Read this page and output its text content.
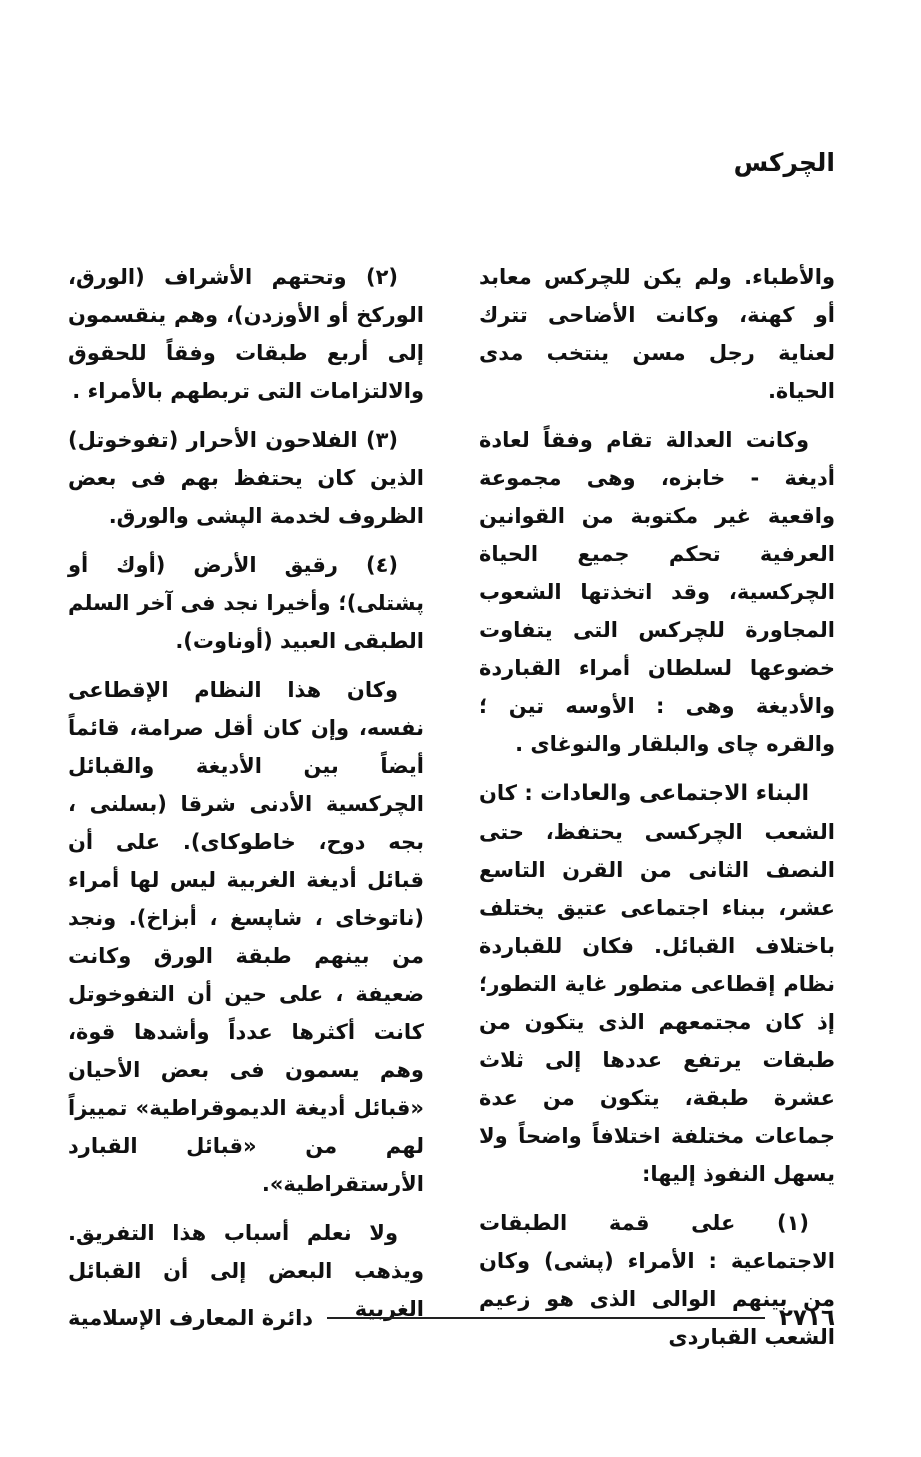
الچركس

والأطباء. ولم يكن للچركس معابد أو كهنة، وكانت الأضاحى تترك لعناية رجل مسن ينتخب مدى الحياة.

وكانت العدالة تقام وفقاً لعادة أديغة - خابزه، وهى مجموعة واقعية غير مكتوبة من القوانين العرفية تحكم جميع الحياة الچركسية، وقد اتخذتها الشعوب المجاورة للچركس التى يتفاوت خضوعها لسلطان أمراء القباردة والأديغة وهى : الأوسه تين ؛ والقره چاى والبلقار والنوغاى .

البناء الاجتماعى والعادات : كان الشعب الچركسى يحتفظ، حتى النصف الثانى من القرن التاسع عشر، ببناء اجتماعى عتيق يختلف باختلاف القبائل. فكان للقباردة نظام إقطاعى متطور غاية التطور؛ إذ كان مجتمعهم الذى يتكون من طبقات يرتفع عددها إلى ثلاث عشرة طبقة، يتكون من عدة جماعات مختلفة اختلافاً واضحاً ولا يسهل النفوذ إليها:

(١) على قمة الطبقات الاجتماعية : الأمراء (پشى) وكان من بينهم الوالى الذى هو زعيم الشعب القباردى

(٢) وتحتهم الأشراف (الورق، الوركخ أو الأوزدن)، وهم ينقسمون إلى أربع طبقات وفقاً للحقوق والالتزامات التى تربطهم بالأمراء .

(٣) الفلاحون الأحرار (تفوخوتل) الذين كان يحتفظ بهم فى بعض الظروف لخدمة الپشى والورق.

(٤) رقيق الأرض (أوك أو پشتلى)؛ وأخيرا نجد فى آخر السلم الطبقى العبيد (أوناوت).

وكان هذا النظام الإقطاعى نفسه، وإن كان أقل صرامة، قائماً أيضاً بين الأديغة والقبائل الچركسية الأدنى شرقا (بسلنى ، بجه دوح، خاطوكاى). على أن قبائل أديغة الغربية ليس لها أمراء (ناتوخاى ، شاپسغ ، أبزاخ). ونجد من بينهم طبقة الورق وكانت ضعيفة ، على حين أن التفوخوتل كانت أكثرها عدداً وأشدها قوة، وهم يسمون فى بعض الأحيان «قبائل أديغة الديموقراطية» تمييزاً لهم من «قبائل القبارد الأرستقراطية».

ولا نعلم أسباب هذا التفريق. ويذهب البعض إلى أن القبائل الغربية	٢٧١٦
دائرة المعارف الإسلامية
